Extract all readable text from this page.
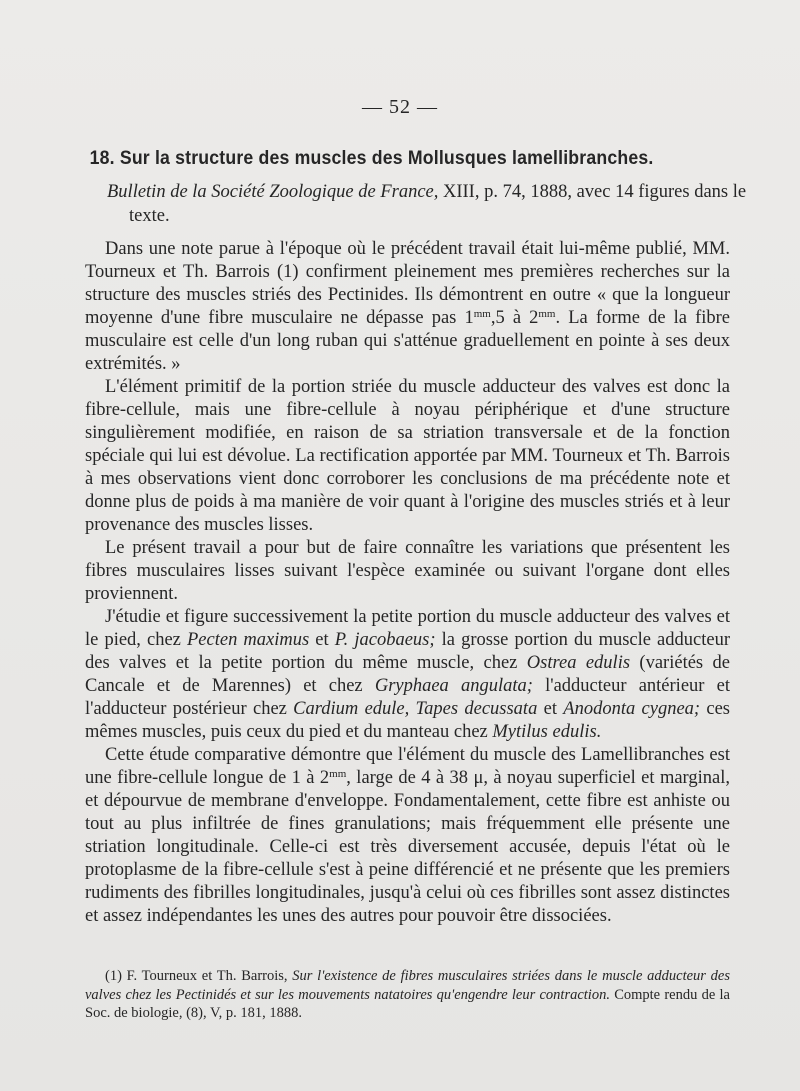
— 52 —
18. Sur la structure des muscles des Mollusques lamellibranches.
Bulletin de la Société Zoologique de France, XIII, p. 74, 1888, avec 14 figures dans le texte.

Dans une note parue à l'époque où le précédent travail était lui-même publié, MM. Tourneux et Th. Barrois (1) confirment pleinement mes premières recherches sur la structure des muscles striés des Pectinides. Ils démontrent en outre « que la longueur moyenne d'une fibre musculaire ne dépasse pas $1^{mm},5$ à $2^{mm}$. La forme de la fibre musculaire est celle d'un long ruban qui s'atténue graduellement en pointe à ses deux extrémités. »

L'élément primitif de la portion striée du muscle adducteur des valves est donc la fibre-cellule, mais une fibre-cellule à noyau périphérique et d'une structure singulièrement modifiée, en raison de sa striation transversale et de la fonction spéciale qui lui est dévolue. La rectification apportée par MM. Tourneux et Th. Barrois à mes observations vient donc corroborer les conclusions de ma précédente note et donne plus de poids à ma manière de voir quant à l'origine des muscles striés et à leur provenance des muscles lisses.

Le présent travail a pour but de faire connaître les variations que présentent les fibres musculaires lisses suivant l'espèce examinée ou suivant l'organe dont elles proviennent.

J'étudie et figure successivement la petite portion du muscle adducteur des valves et le pied, chez Pecten maximus et P. jacobaeus; la grosse portion du muscle adducteur des valves et la petite portion du même muscle, chez Ostrea edulis (variétés de Cancale et de Marennes) et chez Gryphaea angulata; l'adducteur antérieur et l'adducteur postérieur chez Cardium edule, Tapes decussata et Anodonta cygnea; ces mêmes muscles, puis ceux du pied et du manteau chez Mytilus edulis.

Cette étude comparative démontre que l'élément du muscle des Lamellibranches est une fibre-cellule longue de 1 à $2^{mm}$, large de 4 à 38 μ, à noyau superficiel et marginal, et dépourvue de membrane d'enveloppe. Fondamentalement, cette fibre est anhiste ou tout au plus infiltrée de fines granulations; mais fréquemment elle présente une striation longitudinale. Celle-ci est très diversement accusée, depuis l'état où le protoplasme de la fibre-cellule s'est à peine différencié et ne présente que les premiers rudiments des fibrilles longitudinales, jusqu'à celui où ces fibrilles sont assez distinctes et assez indépendantes les unes des autres pour pouvoir être dissociées.

(1) F. Tourneux et Th. Barrois, Sur l'existence de fibres musculaires striées dans le muscle adducteur des valves chez les Pectinidés et sur les mouvements natatoires qu'engendre leur contraction. Compte rendu de la Soc. de biologie, (8), V, p. 181, 1888.
